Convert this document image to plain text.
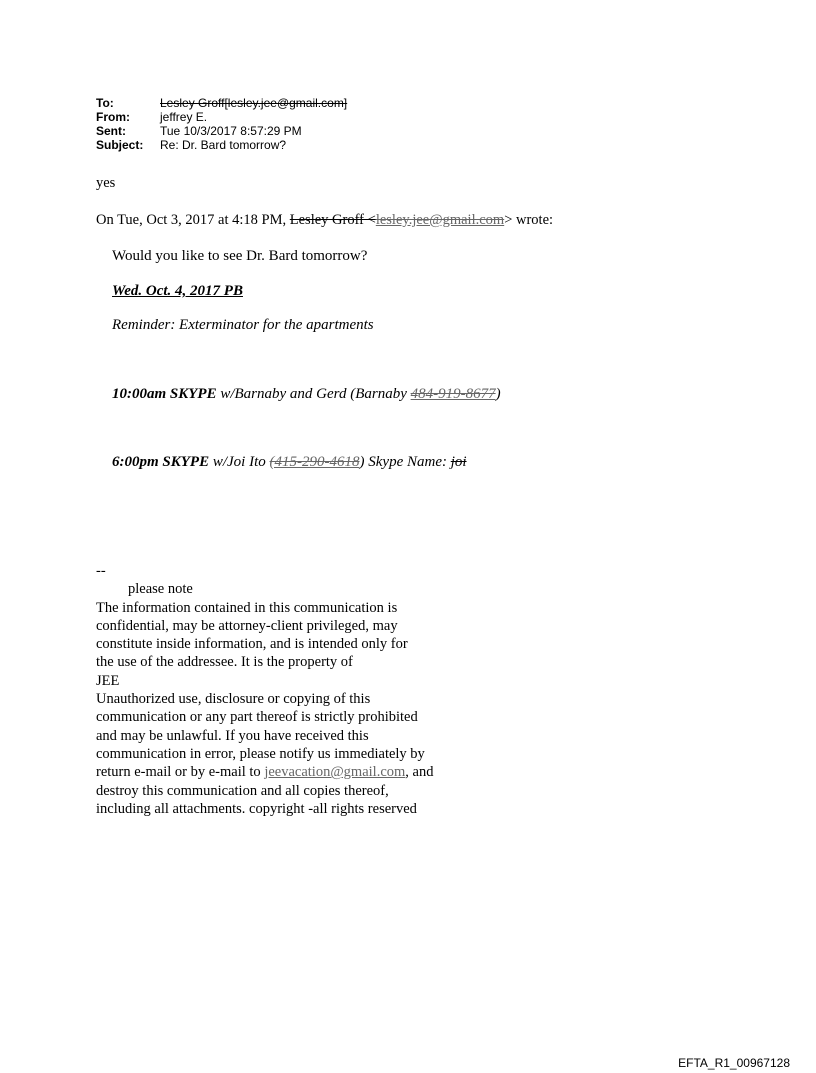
To:	Lesley Groff[lesley.jee@gmail.com]
From:	jeffrey E.
Sent:	Tue 10/3/2017 8:57:29 PM
Subject:	Re: Dr. Bard tomorrow?
yes
On Tue, Oct 3, 2017 at 4:18 PM, Lesley Groff <lesley.jee@gmail.com> wrote:
Would you like to see Dr. Bard tomorrow?
Wed. Oct. 4, 2017 PB
Reminder: Exterminator for the apartments
10:00am SKYPE w/Barnaby and Gerd (Barnaby 484-919-8677)
6:00pm SKYPE w/Joi Ito (415-290-4618) Skype Name: joi
--
please note
The information contained in this communication is
confidential, may be attorney-client privileged, may
constitute inside information, and is intended only for
the use of the addressee. It is the property of
JEE
Unauthorized use, disclosure or copying of this
communication or any part thereof is strictly prohibited
and may be unlawful. If you have received this
communication in error, please notify us immediately by
return e-mail or by e-mail to jeevacation@gmail.com, and
destroy this communication and all copies thereof,
including all attachments. copyright -all rights reserved
EFTA_R1_00967128
